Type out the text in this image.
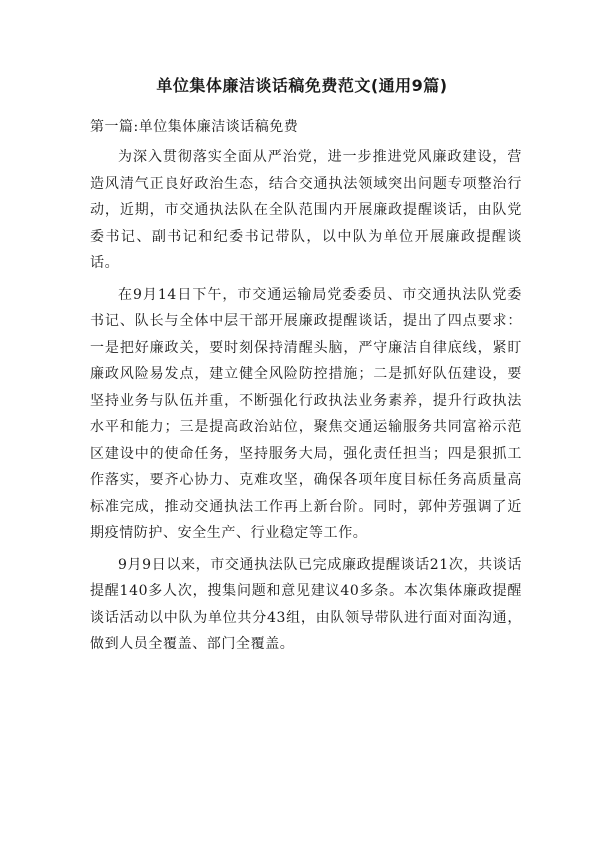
单位集体廉洁谈话稿免费范文(通用9篇)
第一篇:单位集体廉洁谈话稿免费

为深入贯彻落实全面从严治党，进一步推进党风廉政建设，营造风清气正良好政治生态，结合交通执法领域突出问题专项整治行动，近期，市交通执法队在全队范围内开展廉政提醒谈话，由队党委书记、副书记和纪委书记带队，以中队为单位开展廉政提醒谈话。

在9月14日下午，市交通运输局党委委员、市交通执法队党委书记、队长与全体中层干部开展廉政提醒谈话，提出了四点要求：一是把好廉政关，要时刻保持清醒头脑，严守廉洁自律底线，紧盯廉政风险易发点，建立健全风险防控措施；二是抓好队伍建设，要坚持业务与队伍并重，不断强化行政执法业务素养，提升行政执法水平和能力；三是提高政治站位，聚焦交通运输服务共同富裕示范区建设中的使命任务，坚持服务大局，强化责任担当；四是狠抓工作落实，要齐心协力、克难攻坚，确保各项年度目标任务高质量高标准完成，推动交通执法工作再上新台阶。同时，郭仲芳强调了近期疫情防护、安全生产、行业稳定等工作。

9月9日以来，市交通执法队已完成廉政提醒谈话21次，共谈话提醒140多人次，搜集问题和意见建议40多条。本次集体廉政提醒谈话活动以中队为单位共分43组，由队领导带队进行面对面沟通，做到人员全覆盖、部门全覆盖。
